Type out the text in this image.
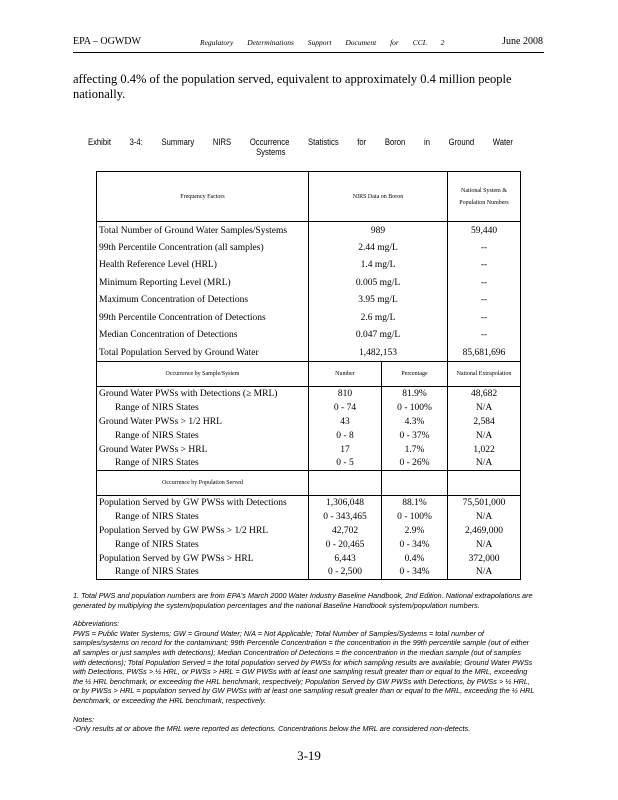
EPA – OGWDW	Regulatory Determinations Support Document for CCL 2	June 2008
affecting 0.4% of the population served, equivalent to approximately 0.4 million people nationally.
Exhibit 3-4: Summary NIRS Occurrence Statistics for Boron in Ground Water
Systems
Frequency Factors	NIRS Data on Boron		National System & Population Numbers
Total Number of Ground Water Samples/Systems	989		59,440
99th Percentile Concentration (all samples)	2.44 mg/L		--
Health Reference Level (HRL)	1.4 mg/L		--
Minimum Reporting Level (MRL)	0.005 mg/L		--
Maximum Concentration of Detections	3.95 mg/L		--
99th Percentile Concentration of Detections	2.6 mg/L		--
Median Concentration of Detections	0.047 mg/L		--
Total Population Served by Ground Water	1,482,153		85,681,696
Occurrence by Sample/System	Number	Percentage	National Extrapolation
Ground Water PWSs with Detections (≥ MRL)	810	81.9%	48,682
Range of NIRS States	0 - 74	0 - 100%	N/A
Ground Water PWSs > 1/2 HRL	43	4.3%	2,584
Range of NIRS States	0 - 8	0 - 37%	N/A
Ground Water PWSs > HRL	17	1.7%	1,022
Range of NIRS States	0 - 5	0 - 26%	N/A
Occurrence by Population Served			
Population Served by GW PWSs with Detections	1,306,048	88.1%	75,501,000
Range of NIRS States	0 - 343,465	0 - 100%	N/A
Population Served by GW PWSs > 1/2 HRL	42,702	2.9%	2,469,000
Range of NIRS States	0 - 20,465	0 - 34%	N/A
Population Served by GW PWSs > HRL	6,443	0.4%	372,000
Range of NIRS States	0 - 2,500	0 - 34%	N/A

1. Total PWS and population numbers are from EPA's March 2000 Water Industry Baseline Handbook, 2nd Edition. National extrapolations are generated by multiplying the system/population percentages and the national Baseline Handbook system/population numbers.

Abbreviations:

PWS = Public Water Systems; GW = Ground Water; N/A = Not Applicable; Total Number of Samples/Systems = total number of samples/systems on record for the contaminant; 99th Percentile Concentration = the concentration in the 99th percentile sample (out of either all samples or just samples with detections); Median Concentration of Detections = the concentration in the median sample (out of samples with detections); Total Population Served = the total population served by PWSs for which sampling results are available; Ground Water PWSs with Detections, PWSs > ½ HRL, or PWSs > HRL = GW PWSs with at least one sampling result greater than or equal to the MRL, exceeding the ½ HRL benchmark, or exceeding the HRL benchmark, respectively; Population Served by GW PWSs with Detections, by PWSs > ½ HRL, or by PWSs > HRL = population served by GW PWSs with at least one sampling result greater than or equal to the MRL, exceeding the ½ HRL benchmark, or exceeding the HRL benchmark, respectively.

Notes:
-Only results at or above the MRL were reported as detections. Concentrations below the MRL are considered non-detects.
3-19
